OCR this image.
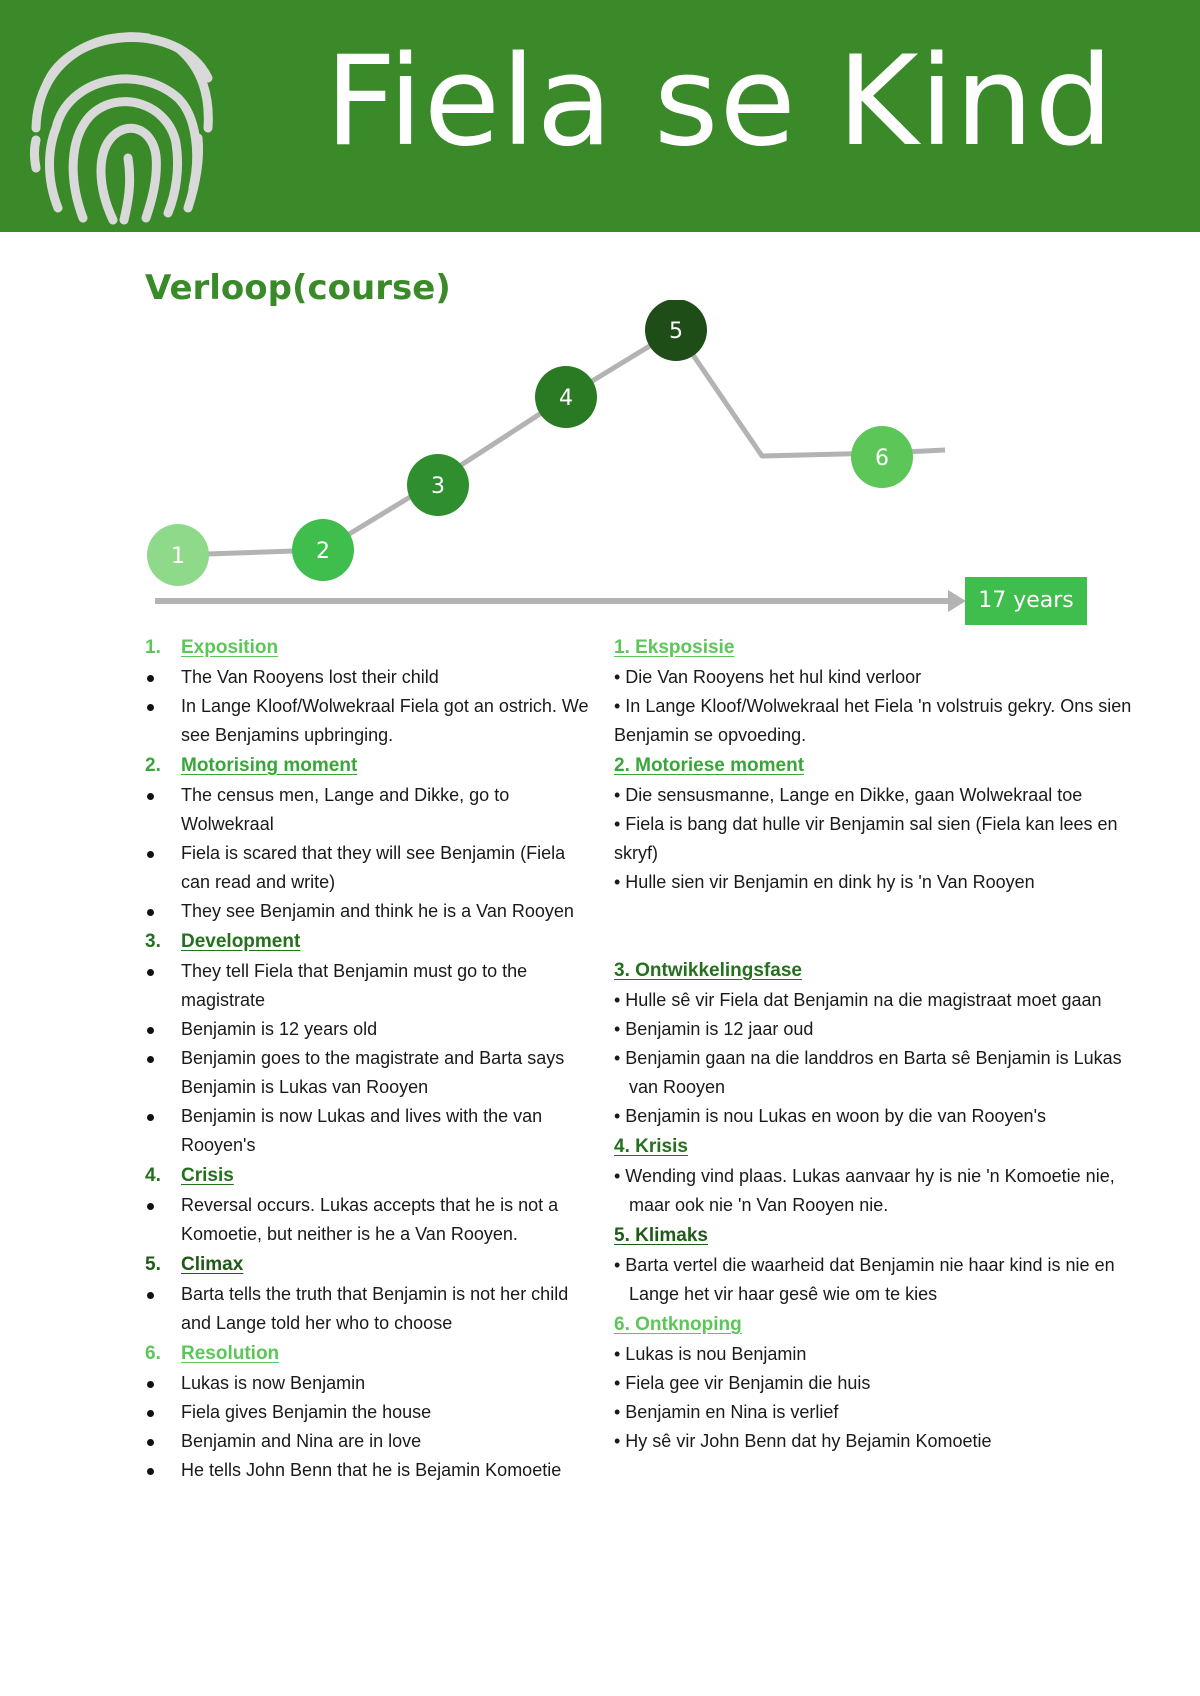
Fiela se Kind
Verloop(course)
1	2
3
4
5
6
17 years
1.	Exposition
The Van Rooyens lost their child
In Lange Kloof/Wolwekraal Fiela got an ostrich. We see Benjamins upbringing.
2.	Motorising moment
The census men, Lange and Dikke, go to Wolwekraal
Fiela is scared that they will see Benjamin (Fiela can read and write)
They see Benjamin and think he is a Van Rooyen
3.	Development
They tell Fiela that Benjamin must go to the magistrate
Benjamin is 12 years old
Benjamin goes to the magistrate and Barta says Benjamin is Lukas van Rooyen
Benjamin is now Lukas and lives with the van Rooyen's
4.	Crisis
Reversal occurs. Lukas accepts that he is not a Komoetie, but neither is he a Van Rooyen.
5.	Climax
Barta tells the truth that Benjamin is not her child and Lange told her who to choose
6.	Resolution
Lukas is now Benjamin
Fiela gives Benjamin the house
Benjamin and Nina are in love
He tells John Benn that he is Bejamin Komoetie
1. Eksposisie
• Die Van Rooyens het hul kind verloor
• In Lange Kloof/Wolwekraal het Fiela 'n volstruis gekry. Ons sien Benjamin se opvoeding.
2. Motoriese moment
• Die sensusmanne, Lange en Dikke, gaan Wolwekraal toe
• Fiela is bang dat hulle vir Benjamin sal sien (Fiela kan lees en skryf)
• Hulle sien vir Benjamin en dink hy is 'n Van Rooyen
3. Ontwikkelingsfase
• Hulle sê vir Fiela dat Benjamin na die magistraat moet gaan
• Benjamin is 12 jaar oud
• Benjamin gaan na die landdros en Barta sê Benjamin is Lukas van Rooyen
• Benjamin is nou Lukas en woon by die van Rooyen's
4. Krisis
• Wending vind plaas. Lukas aanvaar hy is nie 'n Komoetie nie, maar ook nie 'n Van Rooyen nie.
5. Klimaks
• Barta vertel die waarheid dat Benjamin nie haar kind is nie en Lange het vir haar gesê wie om te kies
6. Ontknoping
• Lukas is nou Benjamin
• Fiela gee vir Benjamin die huis
• Benjamin en Nina is verlief
• Hy sê vir John Benn dat hy Bejamin Komoetie
